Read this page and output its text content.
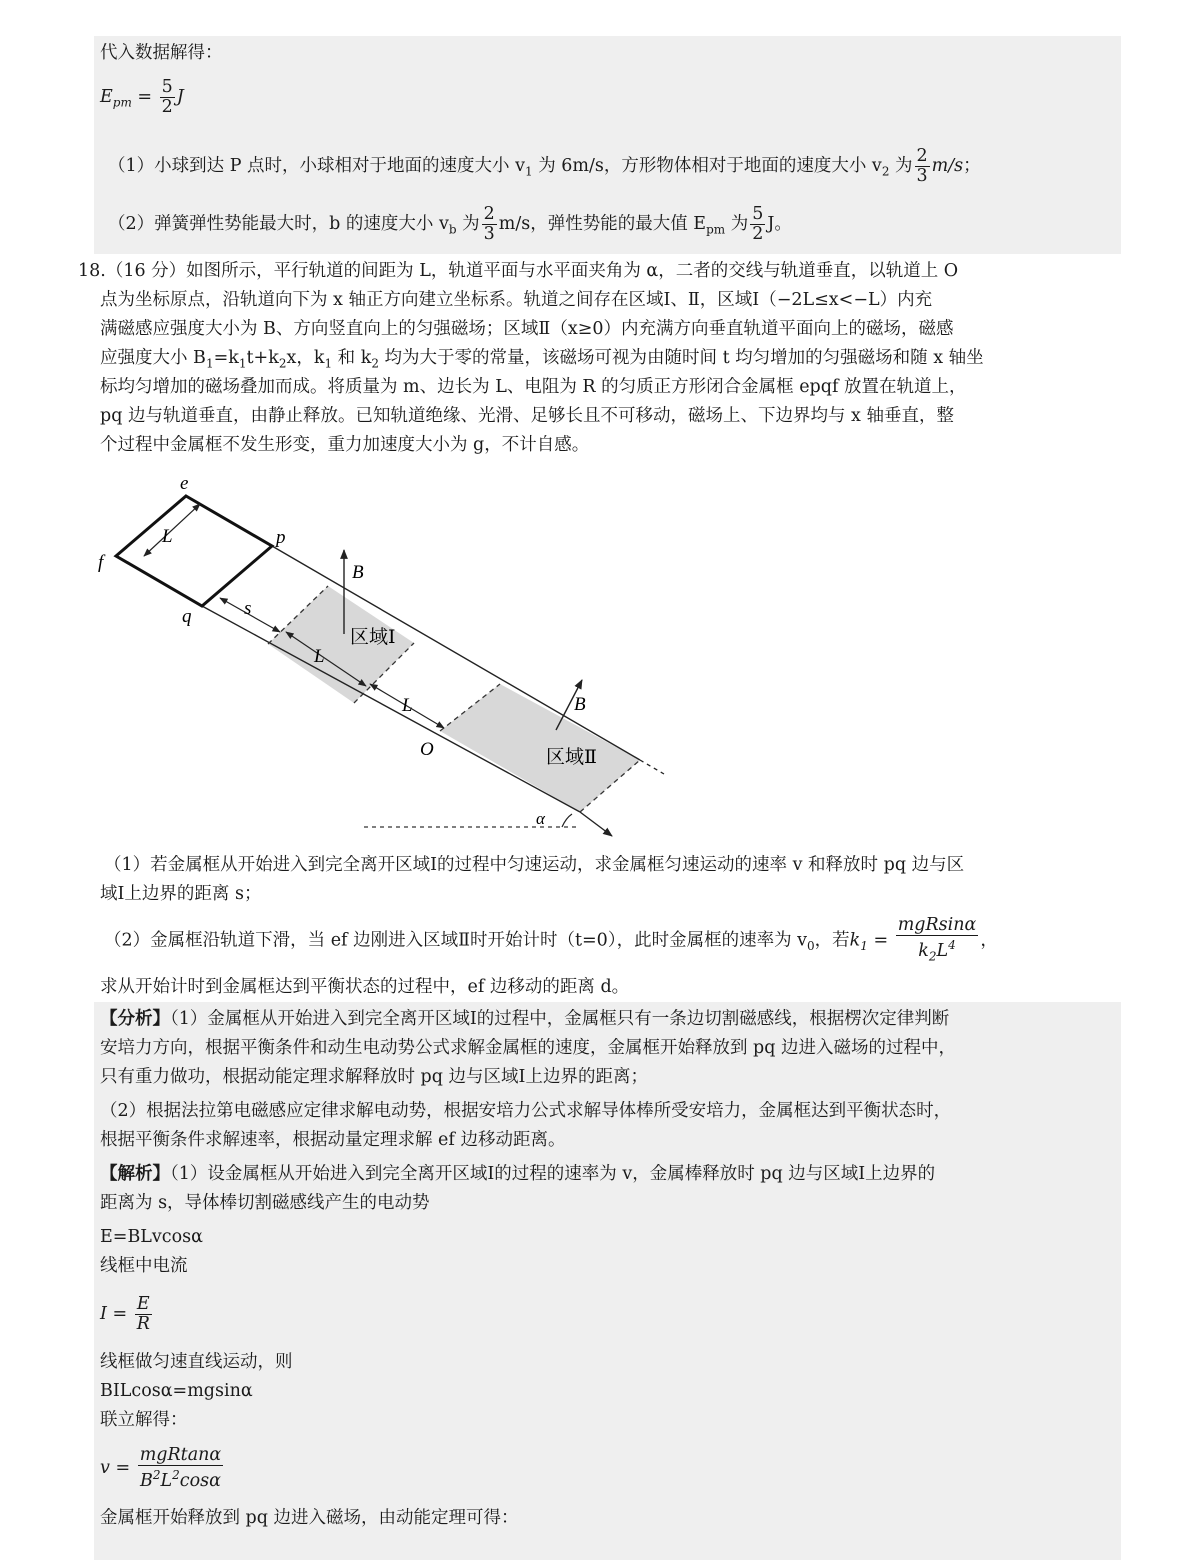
代入数据解得：
$E_{pm} = \frac{5}{2}$ J
（1）小球到达 P 点时，小球相对于地面的速度大小 $v_1$ 为 6m/s，方形物体相对于地面的速度大小 $v_2$ 为 $\frac{2}{3} m/s$；
（2）弹簧弹性势能最大时，b 的速度大小 $v_b$ 为 $\frac{2}{3} m/s$，弹性势能的最大值 $E_{pm}$ 为 $\frac{5}{2}$ J。
18.（16 分）如图所示，平行轨道的间距为 L，轨道平面与水平面夹角为 α，二者的交线与轨道垂直，以轨道上 O
点为坐标原点，沿轨道向下为 x 轴正方向建立坐标系。轨道之间存在区域Ⅰ、Ⅱ，区域Ⅰ（−2L≤x<−L）内充
满磁感应强度大小为 B、方向竖直向上的匀强磁场；区域Ⅱ（x≥0）内充满方向垂直轨道平面向上的磁场，磁感
应强度大小 $B_1=k_1t+k_2x$，$k_1$ 和 $k_2$ 均为大于零的常量，该磁场可视为由随时间 t 均匀增加的匀强磁场和随 x 轴坐
标均匀增加的磁场叠加而成。将质量为 m、边长为 L、电阻为 R 的匀质正方形闭合金属框 epqf 放置在轨道上，
pq 边与轨道垂直，由静止释放。已知轨道绝缘、光滑、足够长且不可移动，磁场上、下边界均与 x 轴垂直，整
个过程中金属框不发生形变，重力加速度大小为 g，不计自感。
e
f
p
q
L
s
L
L
B
B
O
α
区域Ⅰ
区域Ⅱ
（1）若金属框从开始进入到完全离开区域Ⅰ的过程中匀速运动，求金属框匀速运动的速率 v 和释放时 pq 边与区
域Ⅰ上边界的距离 s；
（2）金属框沿轨道下滑，当 ef 边刚进入区域Ⅱ时开始计时（t=0），此时金属框的速率为 $v_0$，若$k_1 = \frac{\text{mgRsinα}}{k_2L^4}$ ，
求从开始计时到金属框达到平衡状态的过程中，ef 边移动的距离 d。
【分析】（1）金属框从开始进入到完全离开区域Ⅰ的过程中，金属框只有一条边切割磁感线，根据楞次定律判断
安培力方向，根据平衡条件和动生电动势公式求解金属框的速度，金属框开始释放到 pq 边进入磁场的过程中，
只有重力做功，根据动能定理求解释放时 pq 边与区域Ⅰ上边界的距离；
（2）根据法拉第电磁感应定律求解电动势，根据安培力公式求解导体棒所受安培力，金属框达到平衡状态时，
根据平衡条件求解速率，根据动量定理求解 ef 边移动距离。
【解析】（1）设金属框从开始进入到完全离开区域Ⅰ的过程的速率为 v，金属棒释放时 pq 边与区域Ⅰ上边界的
距离为 s，导体棒切割磁感线产生的电动势
E=BLvcosα
线框中电流
$I = \frac{E}{R}$
线框做匀速直线运动，则
BILcosα=mgsinα
联立解得：
$v = \frac{\text{mgRtanα}}{B^2L^2\cos\alpha}$
金属框开始释放到 pq 边进入磁场，由动能定理可得：
